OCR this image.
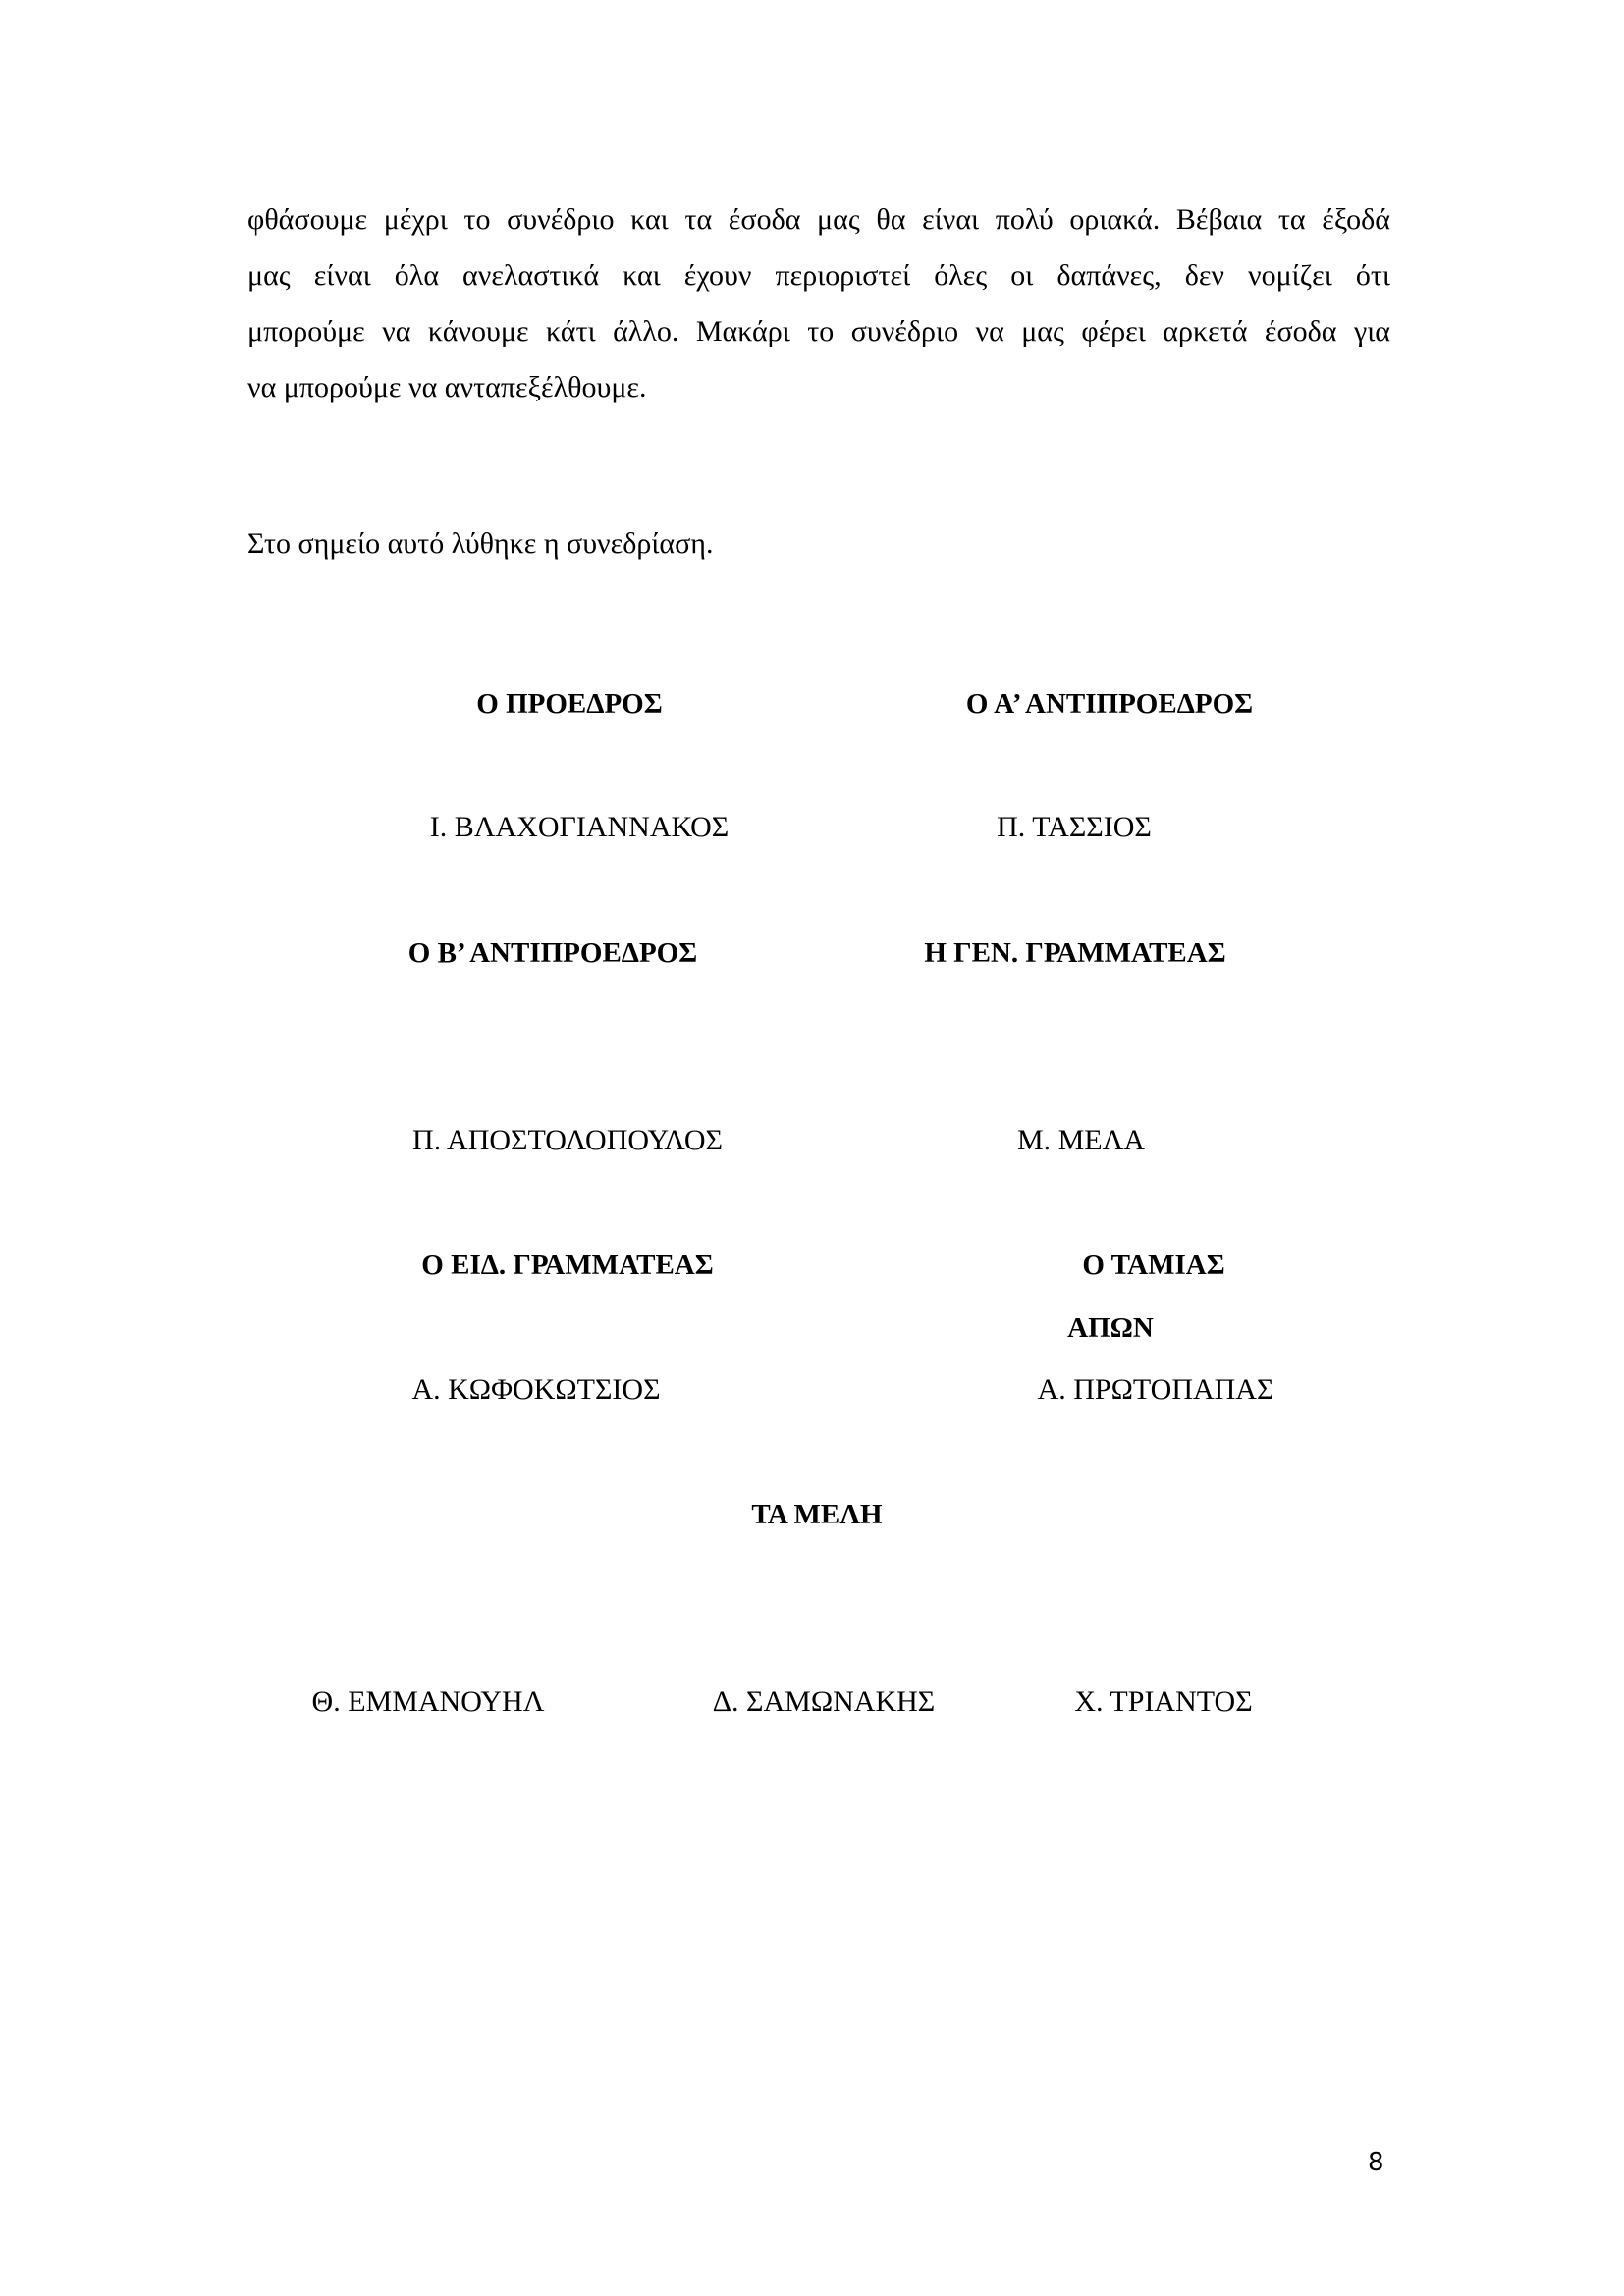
φθάσουμε μέχρι το συνέδριο και τα έσοδα μας θα είναι πολύ οριακά. Βέβαια τα έξοδά
μας είναι όλα ανελαστικά και έχουν περιοριστεί όλες οι δαπάνες, δεν νομίζει ότι
μπορούμε να κάνουμε κάτι άλλο. Μακάρι το συνέδριο να μας φέρει αρκετά έσοδα για
να μπορούμε να ανταπεξέλθουμε.
Στο σημείο αυτό λύθηκε η συνεδρίαση.
Ο ΠΡΟΕΔΡΟΣ
Ι. ΒΛΑΧΟΓΙΑΝΝΑΚΟΣ
Ο Α’ ΑΝΤΙΠΡΟΕΔΡΟΣ
Π. ΤΑΣΣΙΟΣ
Ο Β’ ΑΝΤΙΠΡΟΕΔΡΟΣ
Π. ΑΠΟΣΤΟΛΟΠΟΥΛΟΣ
Η ΓΕΝ. ΓΡΑΜΜΑΤΕΑΣ
Μ. ΜΕΛΑ
Ο ΕΙΔ. ΓΡΑΜΜΑΤΕΑΣ
Α. ΚΩΦΟΚΩΤΣΙΟΣ
Ο ΤΑΜΙΑΣ
ΑΠΩΝ
Α. ΠΡΩΤΟΠΑΠΑΣ
ΤΑ ΜΕΛΗ
Θ. ΕΜΜΑΝΟΥΗΛ	Δ. ΣΑΜΩΝΑΚΗΣ	Χ. ΤΡΙΑΝΤΟΣ
8
